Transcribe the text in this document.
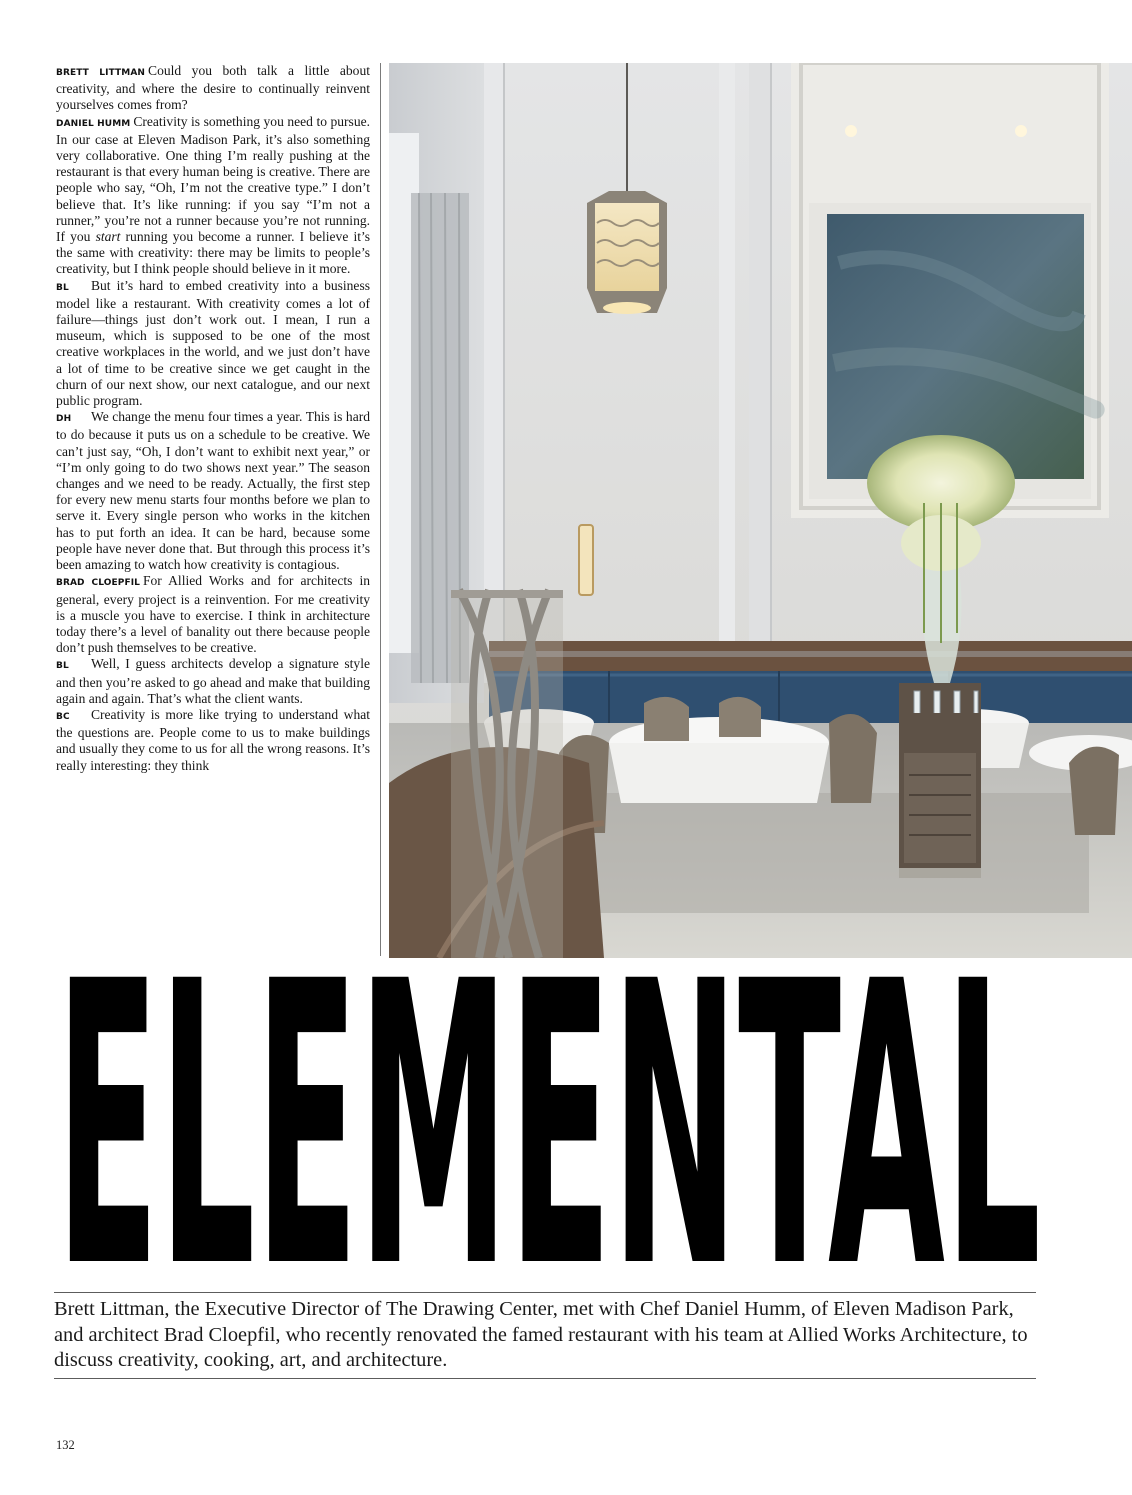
BRETT LITTMAN Could you both talk a little about creativity, and where the desire to continually reinvent yourselves comes from?

DANIEL HUMM Creativity is something you need to pursue. In our case at Eleven Madison Park, it’s also something very collaborative. One thing I’m really pushing at the restaurant is that every human being is creative. There are people who say, “Oh, I’m not the creative type.” I don’t believe that. It’s like running: if you say “I’m not a runner,” you’re not a runner because you’re not running. If you start running you become a runner. I believe it’s the same with creativity: there may be limits to people’s creativity, but I think people should believe in it more.

BL But it’s hard to embed creativity into a business model like a restaurant. With creativity comes a lot of failure—things just don’t work out. I mean, I run a museum, which is supposed to be one of the most creative workplaces in the world, and we just don’t have a lot of time to be creative since we get caught in the churn of our next show, our next catalogue, and our next public program.

DH We change the menu four times a year. This is hard to do because it puts us on a schedule to be creative. We can’t just say, “Oh, I don’t want to exhibit next year,” or “I’m only going to do two shows next year.” The season changes and we need to be ready. Actually, the first step for every new menu starts four months before we plan to serve it. Every single person who works in the kitchen has to put forth an idea. It can be hard, because some people have never done that. But through this process it’s been amazing to watch how creativity is contagious.

BRAD CLOEPFIL For Allied Works and for architects in general, every project is a reinvention. For me creativity is a muscle you have to exercise. I think in architecture today there’s a level of banality out there because people don’t push themselves to be creative.

BL Well, I guess architects develop a signature style and then you’re asked to go ahead and make that building again and again. That’s what the client wants.

BC Creativity is more like trying to understand what the questions are. People come to us to make buildings and usually they come to us for all the wrong reasons. It’s really interesting: they think

ELEMENTAL

Brett Littman, the Executive Director of The Drawing Center, met with Chef Daniel Humm, of Eleven Madison Park, and architect Brad Cloepfil, who recently renovated the famed restaurant with his team at Allied Works Architecture, to discuss creativity, cooking, art, and architecture.

132
